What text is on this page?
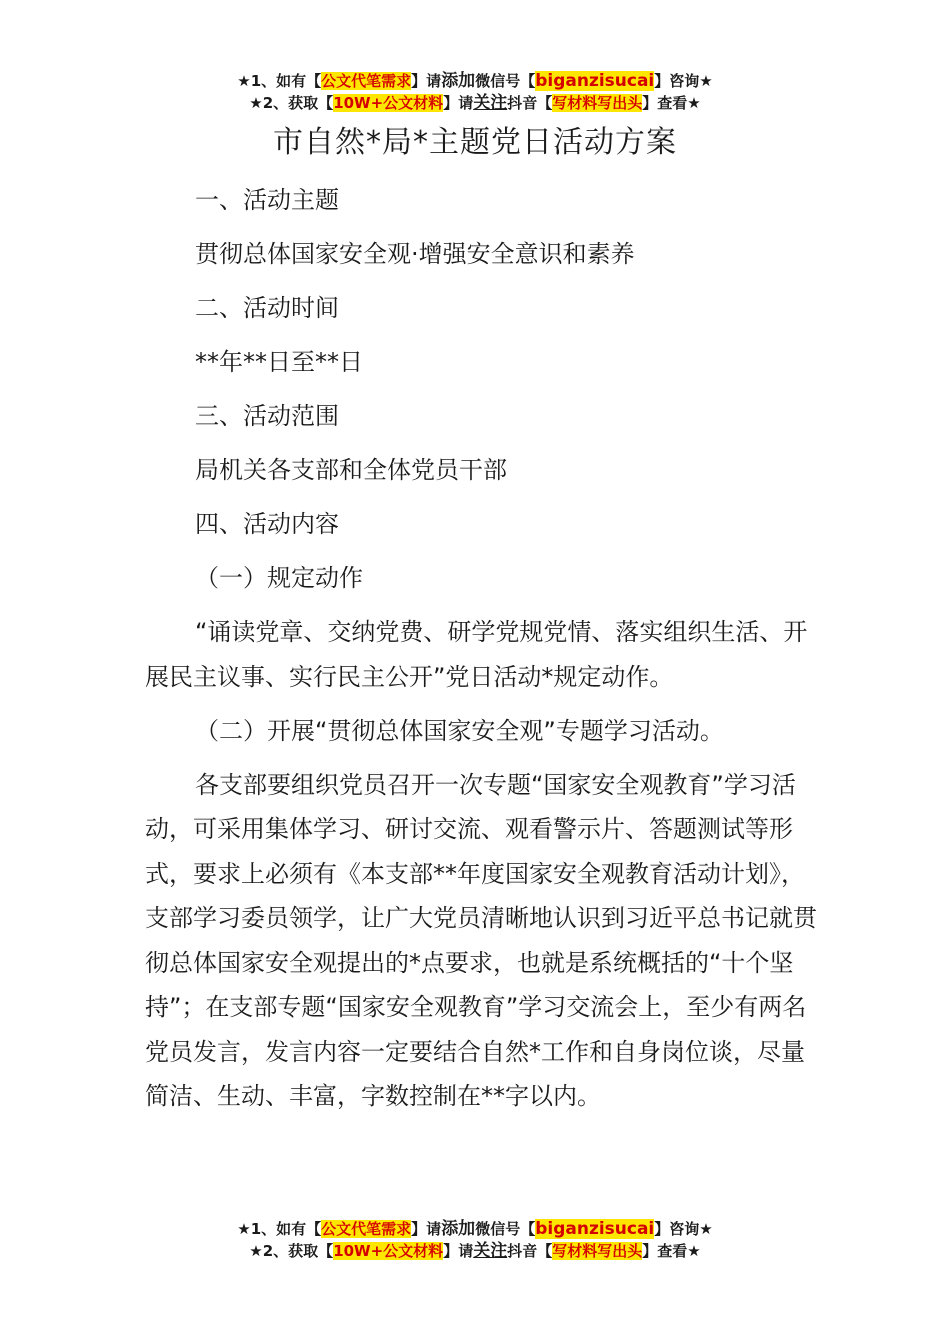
★1、如有【公文代笔需求】请添加微信号【biganzisucai】咨询★
★2、获取【10W+公文材料】请关注抖音【写材料写出头】查看★
市自然*局*主题党日活动方案

一、活动主题

贯彻总体国家安全观·增强安全意识和素养

二、活动时间

**年**日至**日

三、活动范围

局机关各支部和全体党员干部

四、活动内容

（一）规定动作

“诵读党章、交纳党费、研学党规党情、落实组织生活、开展民主议事、实行民主公开”党日活动*规定动作。

（二）开展“贯彻总体国家安全观”专题学习活动。

各支部要组织党员召开一次专题“国家安全观教育”学习活动，可采用集体学习、研讨交流、观看警示片、答题测试等形式，要求上必须有《本支部**年度国家安全观教育活动计划》，支部学习委员领学，让广大党员清晰地认识到习近平总书记就贯彻总体国家安全观提出的*点要求，也就是系统概括的“十个坚持”；在支部专题“国家安全观教育”学习交流会上，至少有两名党员发言，发言内容一定要结合自然*工作和自身岗位谈，尽量简洁、生动、丰富，字数控制在**字以内。

★1、如有【公文代笔需求】请添加微信号【biganzisucai】咨询★
★2、获取【10W+公文材料】请关注抖音【写材料写出头】查看★
